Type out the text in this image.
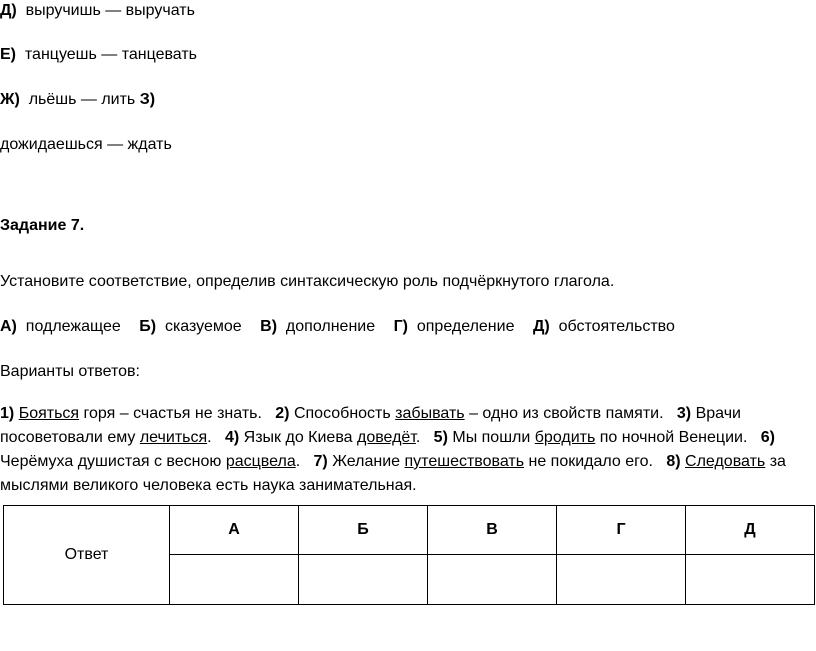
Д) выручишь — выручать
Е) танцуешь — танцевать
Ж) льёшь — лить З)
дожидаешься — ждать
Задание 7.
Установите соответствие, определив синтаксическую роль подчёркнутого глагола.
А) подлежащее Б) сказуемое В) дополнение Г) определение Д) обстоятельство
Варианты ответов:
1) Бояться горя – счастья не знать. 2) Способность забывать – одно из свойств памяти. 3) Врачи посоветовали ему лечиться. 4) Язык до Киева доведёт. 5) Мы пошли бродить по ночной Венеции. 6) Черёмуха душистая с весною расцвела. 7) Желание путешествовать не покидало его. 8) Следовать за мыслями великого человека есть наука занимательная.
Ответ	А	Б	В	Г	Д
